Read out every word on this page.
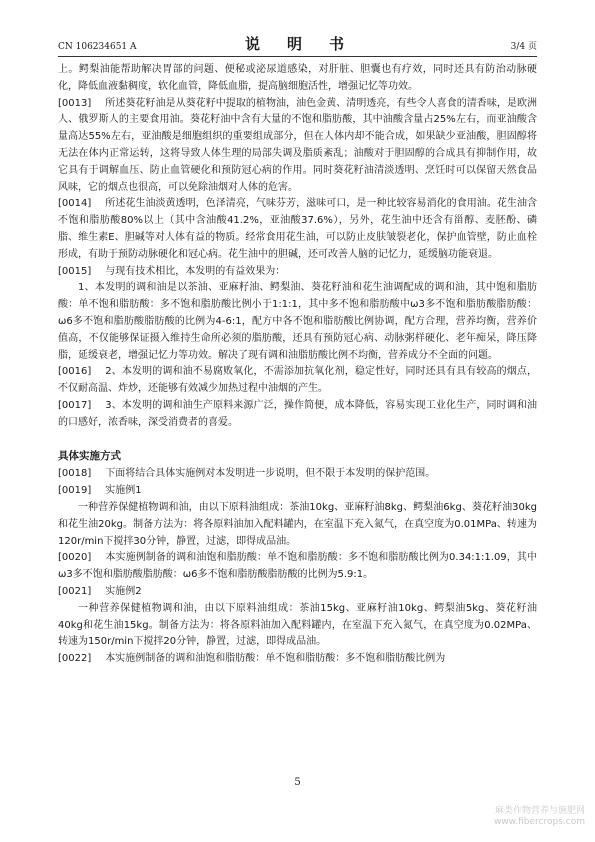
CN 106234651 A	说　明　书	3/4 页

上。鳄梨油能帮助解决胃部的问题、便秘或泌尿道感染，对肝脏、胆囊也有疗效，同时还具有防治动脉硬化，降低血液黏稠度，软化血管，降低血脂，提高脑细胞活性，增强记忆等功效。

[0013] 所述葵花籽油是从葵花籽中提取的植物油，油色金黄、清明透亮，有些令人喜食的清香味，是欧洲人、俄罗斯人的主要食用油。葵花籽油中含有大量的不饱和脂肪酸，其中油酸含量占25%左右，而亚油酸含量高达55%左右，亚油酸是细胞组织的重要组成部分，但在人体内却不能合成，如果缺少亚油酸，胆固醇将无法在体内正常运转，这将导致人体生理的局部失调及脂质紊乱；油酸对于胆固醇的合成具有抑制作用，故它具有于调解血压、防止血管硬化和预防冠心病的作用。同时葵花籽油清淡透明、烹饪时可以保留天然食品风味，它的烟点也很高，可以免除油烟对人体的危害。

[0014] 所述花生油淡黄透明，色泽清亮，气味芬芳，滋味可口，是一种比较容易消化的食用油。花生油含不饱和脂肪酸80%以上（其中含油酸41.2%，亚油酸37.6%），另外，花生油中还含有甾醇、麦胚酚、磷脂、维生素E、胆碱等对人体有益的物质。经常食用花生油，可以防止皮肤皱裂老化，保护血管壁，防止血栓形成，有助于预防动脉硬化和冠心病。花生油中的胆碱，还可改善人脑的记忆力，延缓脑功能衰退。

[0015] 与现有技术相比，本发明的有益效果为：

1、本发明的调和油是以茶油、亚麻籽油、鳄梨油、葵花籽油和花生油调配成的调和油，其中饱和脂肪酸：单不饱和脂肪酸：多不饱和脂肪酸比例小于1:1:1，其中多不饱和脂肪酸中ω3多不饱和脂肪酸脂肪酸：ω6多不饱和脂肪酸脂肪酸的比例为4-6:1，配方中各不饱和脂肪酸比例协调，配方合理，营养均衡，营养价值高，不仅能够保证摄入维持生命所必须的脂肪酸，还具有预防冠心病、动脉粥样硬化、老年痴呆，降压降脂，延缓衰老，增强记忆力等功效。解决了现有调和油脂肪酸比例不均衡，营养成分不全面的问题。

[0016] 2、本发明的调和油不易腐败氧化，不需添加抗氧化剂，稳定性好，同时还具有具有较高的烟点，不仅耐高温、炸炒，还能够有效减少加热过程中油烟的产生。

[0017] 3、本发明的调和油生产原料来源广泛，操作简便，成本降低，容易实现工业化生产，同时调和油的口感好，浓香味，深受消费者的喜爱。

具体实施方式

[0018] 下面将结合具体实施例对本发明进一步说明，但不限于本发明的保护范围。

[0019] 实施例1

一种营养保健植物调和油，由以下原料油组成：茶油10kg、亚麻籽油8kg、鳄梨油6kg、葵花籽油30kg和花生油20kg。制备方法为：将各原料油加入配料罐内，在室温下充入氮气，在真空度为0.01MPa、转速为120r/min下搅拌30分钟，静置，过滤，即得成品油。

[0020] 本实施例制备的调和油饱和脂肪酸：单不饱和脂肪酸：多不饱和脂肪酸比例为0.34:1:1.09，其中ω3多不饱和脂肪酸脂肪酸：ω6多不饱和脂肪酸脂肪酸的比例为5.9:1。

[0021] 实施例2

一种营养保健植物调和油，由以下原料油组成：茶油15kg、亚麻籽油10kg、鳄梨油5kg、葵花籽油40kg和花生油15kg。制备方法为：将各原料油加入配料罐内，在室温下充入氮气，在真空度为0.02MPa、转速为150r/min下搅拌20分钟，静置，过滤，即得成品油。

[0022] 本实施例制备的调和油饱和脂肪酸：单不饱和脂肪酸：多不饱和脂肪酸比例为

5
麻类作物营养与施肥网
www.fibercrops.com
